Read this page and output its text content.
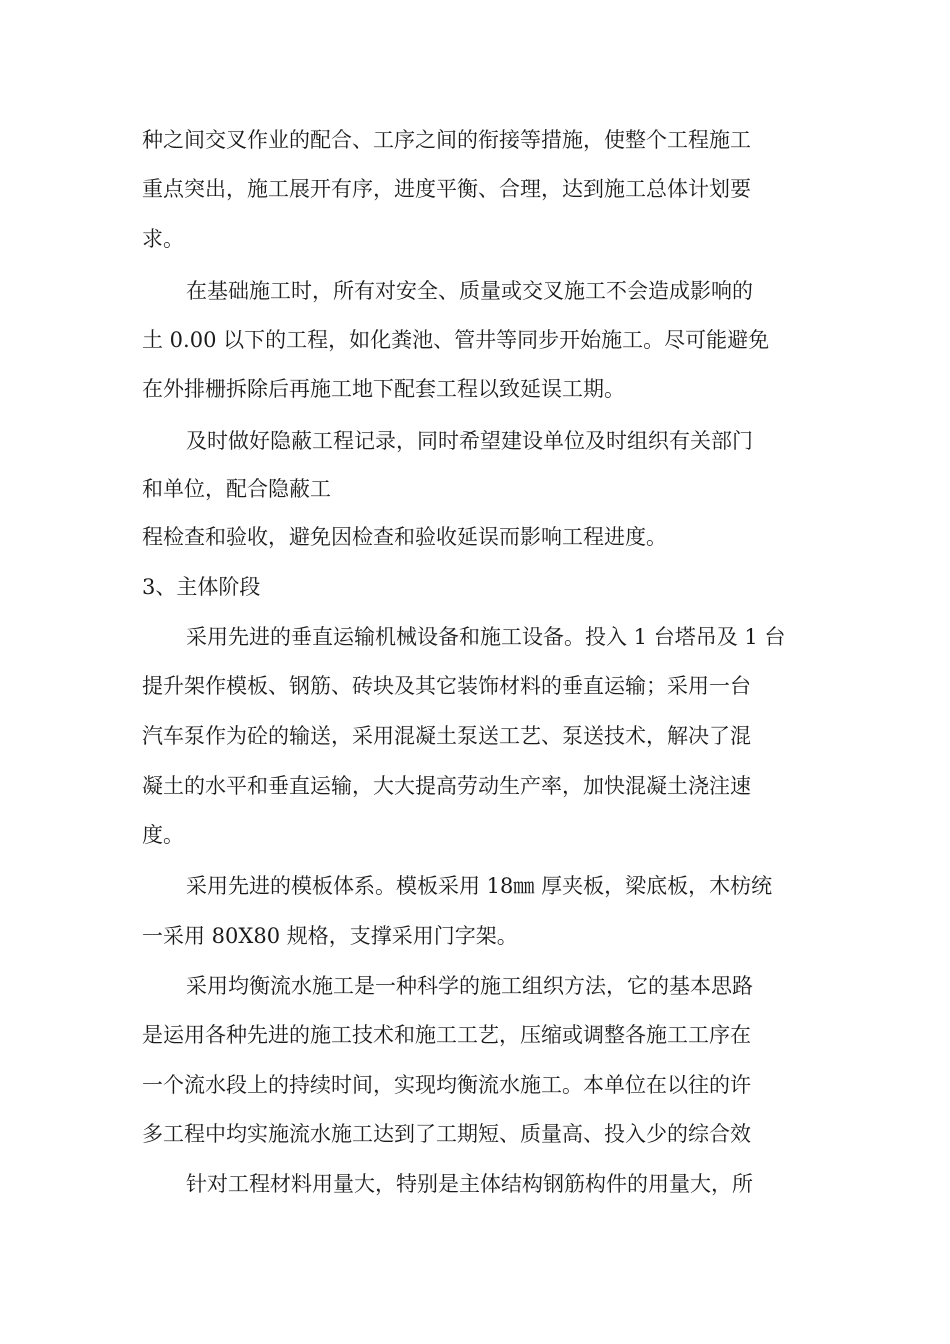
种之间交叉作业的配合、工序之间的衔接等措施，使整个工程施工
重点突出，施工展开有序，进度平衡、合理，达到施工总体计划要
求。
在基础施工时，所有对安全、质量或交叉施工不会造成影响的
土 0.00 以下的工程，如化粪池、管井等同步开始施工。尽可能避免
在外排栅拆除后再施工地下配套工程以致延误工期。
及时做好隐蔽工程记录，同时希望建设单位及时组织有关部门
和单位，配合隐蔽工
程检查和验收，避免因检查和验收延误而影响工程进度。
3、主体阶段
采用先进的垂直运输机械设备和施工设备。投入 1 台塔吊及 1 台
提升架作模板、钢筋、砖块及其它装饰材料的垂直运输；采用一台
汽车泵作为砼的输送，采用混凝土泵送工艺、泵送技术，解决了混
凝土的水平和垂直运输，大大提高劳动生产率，加快混凝土浇注速
度。
采用先进的模板体系。模板采用 18㎜ 厚夹板，梁底板，木枋统
一采用 80X80 规格，支撑采用门字架。
采用均衡流水施工是一种科学的施工组织方法，它的基本思路
是运用各种先进的施工技术和施工工艺，压缩或调整各施工工序在
一个流水段上的持续时间，实现均衡流水施工。本单位在以往的许
多工程中均实施流水施工达到了工期短、质量高、投入少的综合效
针对工程材料用量大，特别是主体结构钢筋构件的用量大，所
